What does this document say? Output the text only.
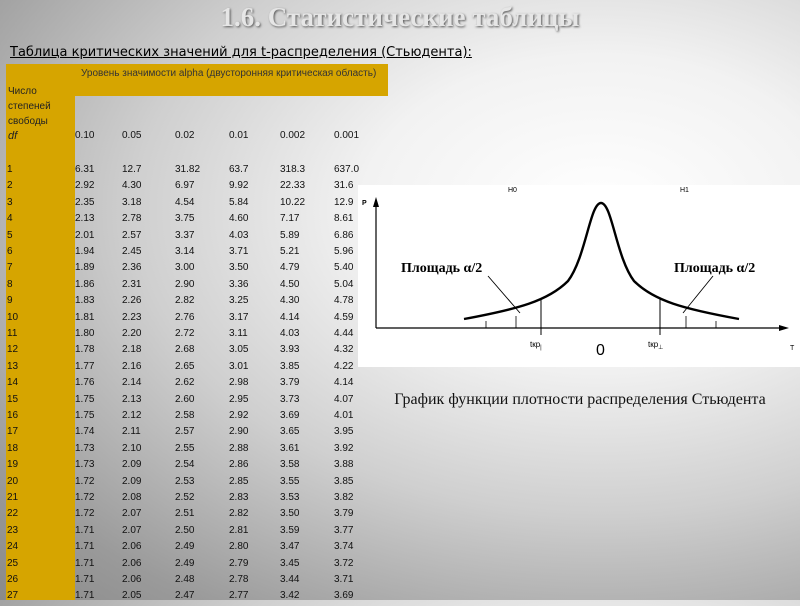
1.6. Статистические таблицы
Таблица критических значений для t-распределения (Стьюдента):
Число
степеней
свободы
df
Уровень значимости alpha (двусторонняя критическая область)
0.10	0.05	0.02	0.01	0.002	0.001
1	6.31	12.7	31.82	63.7	318.3	637.0
2	2.92	4.30	6.97	9.92	22.33	31.6
3	2.35	3.18	4.54	5.84	10.22	12.9
4	2.13	2.78	3.75	4.60	7.17	8.61
5	2.01	2.57	3.37	4.03	5.89	6.86
6	1.94	2.45	3.14	3.71	5.21	5.96
7	1.89	2.36	3.00	3.50	4.79	5.40
8	1.86	2.31	2.90	3.36	4.50	5.04
9	1.83	2.26	2.82	3.25	4.30	4.78
10	1.81	2.23	2.76	3.17	4.14	4.59
11	1.80	2.20	2.72	3.11	4.03	4.44
12	1.78	2.18	2.68	3.05	3.93	4.32
13	1.77	2.16	2.65	3.01	3.85	4.22
14	1.76	2.14	2.62	2.98	3.79	4.14
15	1.75	2.13	2.60	2.95	3.73	4.07
16	1.75	2.12	2.58	2.92	3.69	4.01
17	1.74	2.11	2.57	2.90	3.65	3.95
18	1.73	2.10	2.55	2.88	3.61	3.92
19	1.73	2.09	2.54	2.86	3.58	3.88
20	1.72	2.09	2.53	2.85	3.55	3.85
21	1.72	2.08	2.52	2.83	3.53	3.82
22	1.72	2.07	2.51	2.82	3.50	3.79
23	1.71	2.07	2.50	2.81	3.59	3.77
24	1.71	2.06	2.49	2.80	3.47	3.74
25	1.71	2.06	2.49	2.79	3.45	3.72
26	1.71	2.06	2.48	2.78	3.44	3.71
27	1.71	2.05	2.47	2.77	3.42	3.69
P
T
H0	H1
Площадь α/2	Площадь α/2
tкр$_|$	tкр$_\perp$
0
График функции плотности распределения Стьюдента
